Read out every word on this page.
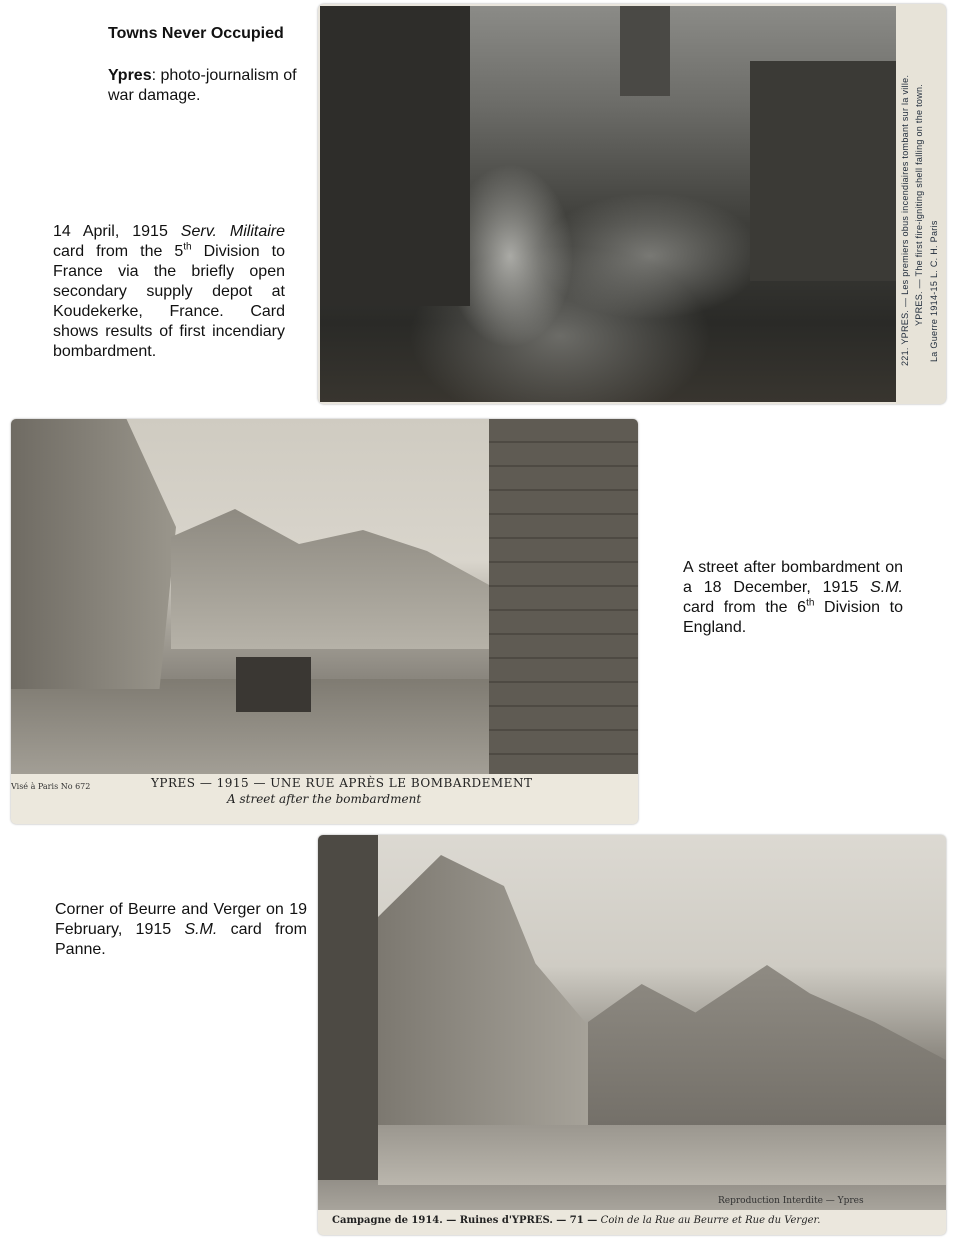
Towns Never Occupied
Ypres: photo-journalism of war damage.
14 April, 1915 Serv. Militaire card from the 5th Division to France via the briefly open secondary supply depot at Koudekerke, France. Card shows results of first incendiary bombardment.
A street after bombardment on a 18 December, 1915 S.M. card from the 6th Division to England.
Corner of Beurre and Verger on 19 February, 1915 S.M. card from Panne.
221. YPRES. — Les premiers obus incendiaires tombant sur la ville. YPRES. — The first fire-igniting shell falling on the town. La Guerre 1914-15 L. C. H. Paris
Visé à Paris No 672	YPRES — 1915 — UNE RUE APRÈS LE BOMBARDEMENT
A street after the bombardment
Reproduction Interdite — Ypres
Campagne de 1914. — Ruines d'YPRES. — 71 — Coin de la Rue au Beurre et Rue du Verger.
